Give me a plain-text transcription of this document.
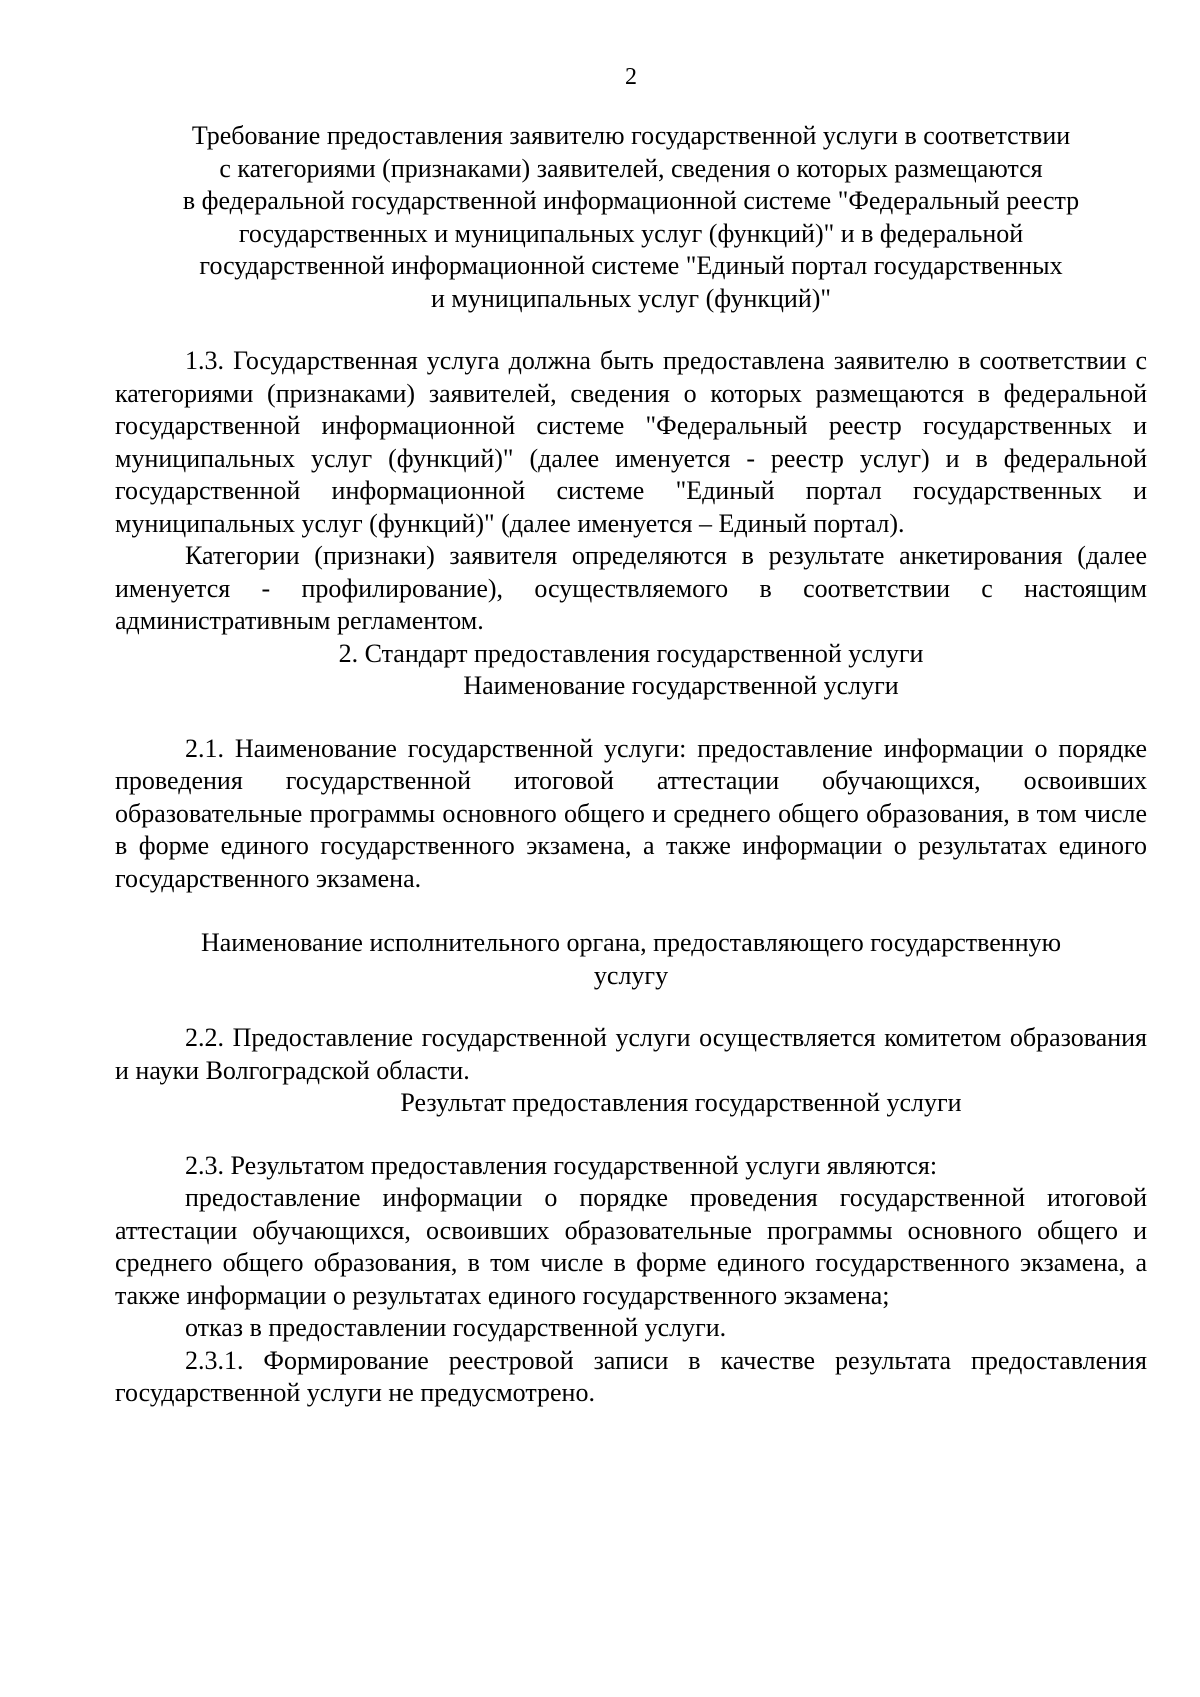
2
Требование предоставления заявителю государственной услуги в соответствии
с категориями (признаками) заявителей, сведения о которых размещаются
в федеральной государственной информационной системе "Федеральный реестр
государственных и муниципальных услуг (функций)" и в федеральной
государственной информационной системе "Единый портал государственных
и муниципальных услуг (функций)"

1.3. Государственная услуга должна быть предоставлена заявителю в соответствии с категориями (признаками) заявителей, сведения о которых размещаются в федеральной государственной информационной системе "Федеральный реестр государственных и муниципальных услуг (функций)" (далее именуется - реестр услуг) и в федеральной государственной информационной системе "Единый портал государственных и муниципальных услуг (функций)" (далее именуется – Единый портал).

Категории (признаки) заявителя определяются в результате анкетирования (далее именуется - профилирование), осуществляемого в соответствии с настоящим административным регламентом.

2. Стандарт предоставления государственной услуги

Наименование государственной услуги

2.1. Наименование государственной услуги: предоставление информации о порядке проведения государственной итоговой аттестации обучающихся, освоивших образовательные программы основного общего и среднего общего образования, в том числе в форме единого государственного экзамена, а также информации о результатах единого государственного экзамена.

Наименование исполнительного органа, предоставляющего государственную
услугу

2.2. Предоставление государственной услуги осуществляется комитетом образования и науки Волгоградской области.

Результат предоставления государственной услуги

2.3. Результатом предоставления государственной услуги являются:

предоставление информации о порядке проведения государственной итоговой аттестации обучающихся, освоивших образовательные программы основного общего и среднего общего образования, в том числе в форме единого государственного экзамена, а также информации о результатах единого государственного экзамена;

отказ в предоставлении государственной услуги.

2.3.1. Формирование реестровой записи в качестве результата предоставления государственной услуги не предусмотрено.
